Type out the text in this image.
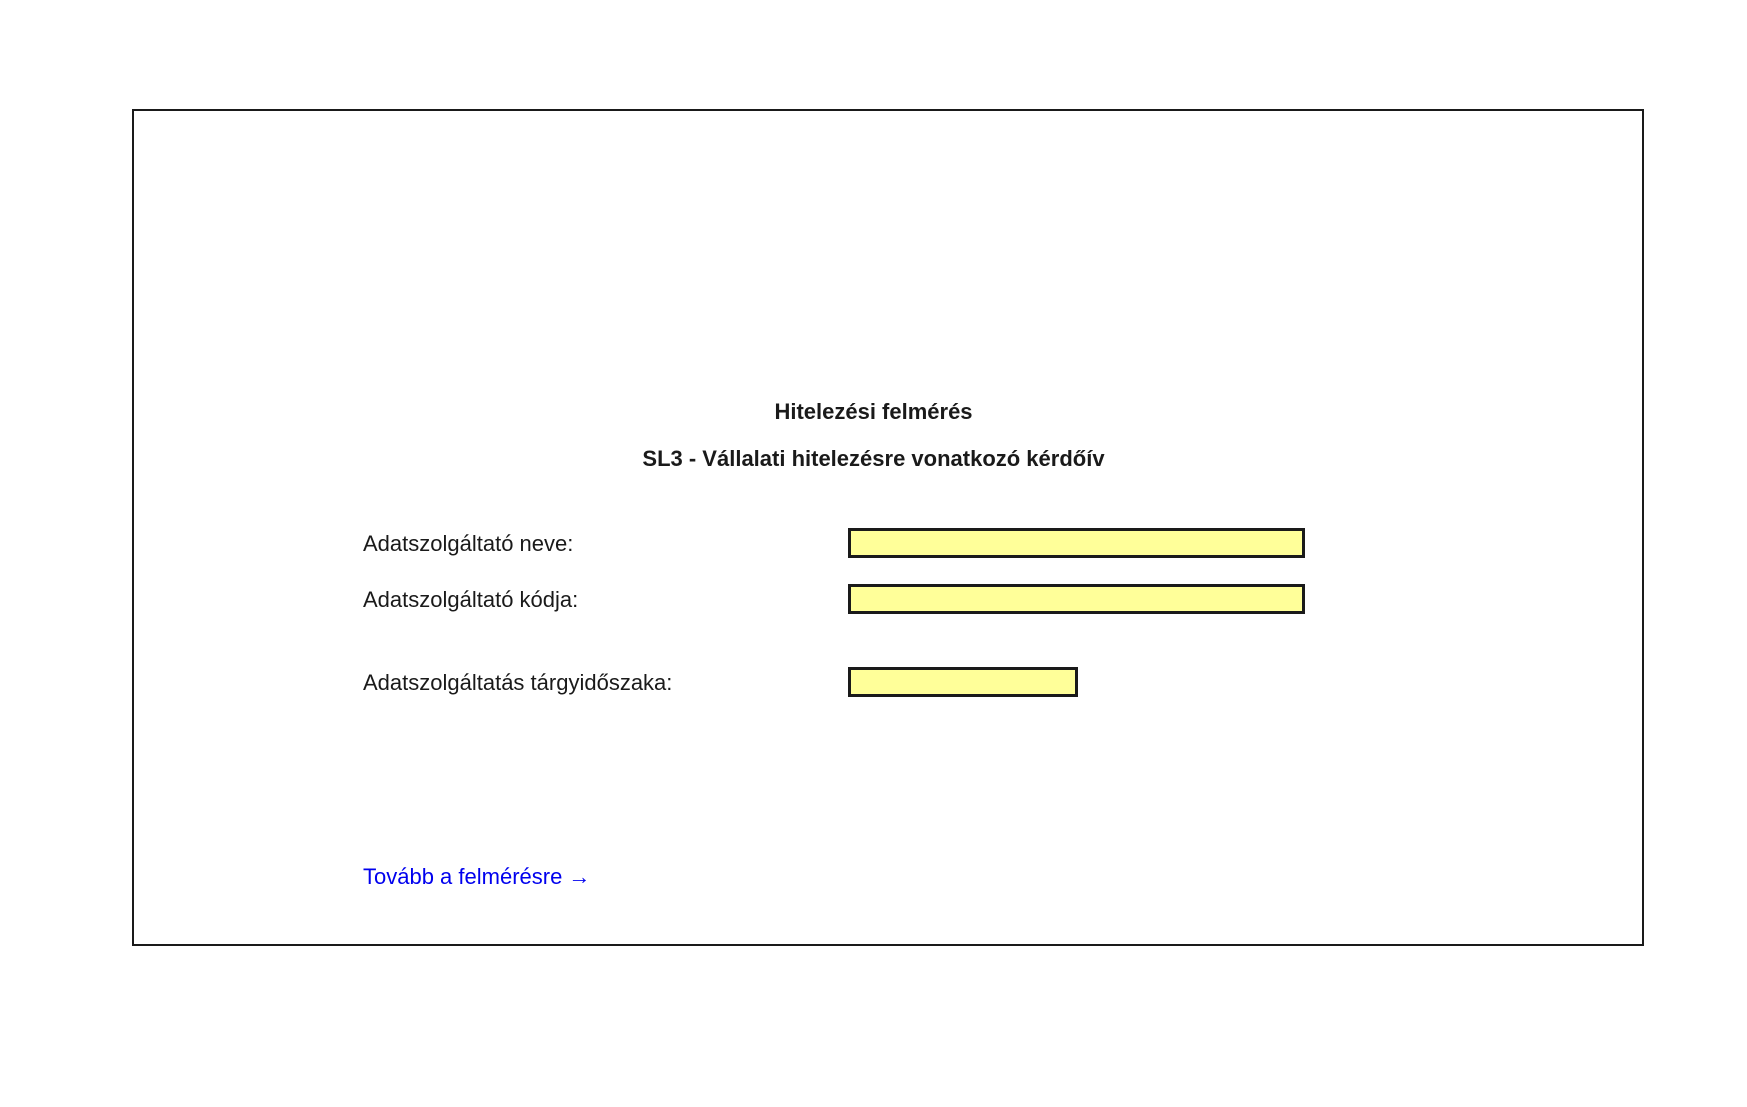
Hitelezési felmérés
SL3 - Vállalati hitelezésre vonatkozó kérdőív
Adatszolgáltató neve:
Adatszolgáltató kódja:
Adatszolgáltatás tárgyidőszaka:
Tovább a felmérésre →
